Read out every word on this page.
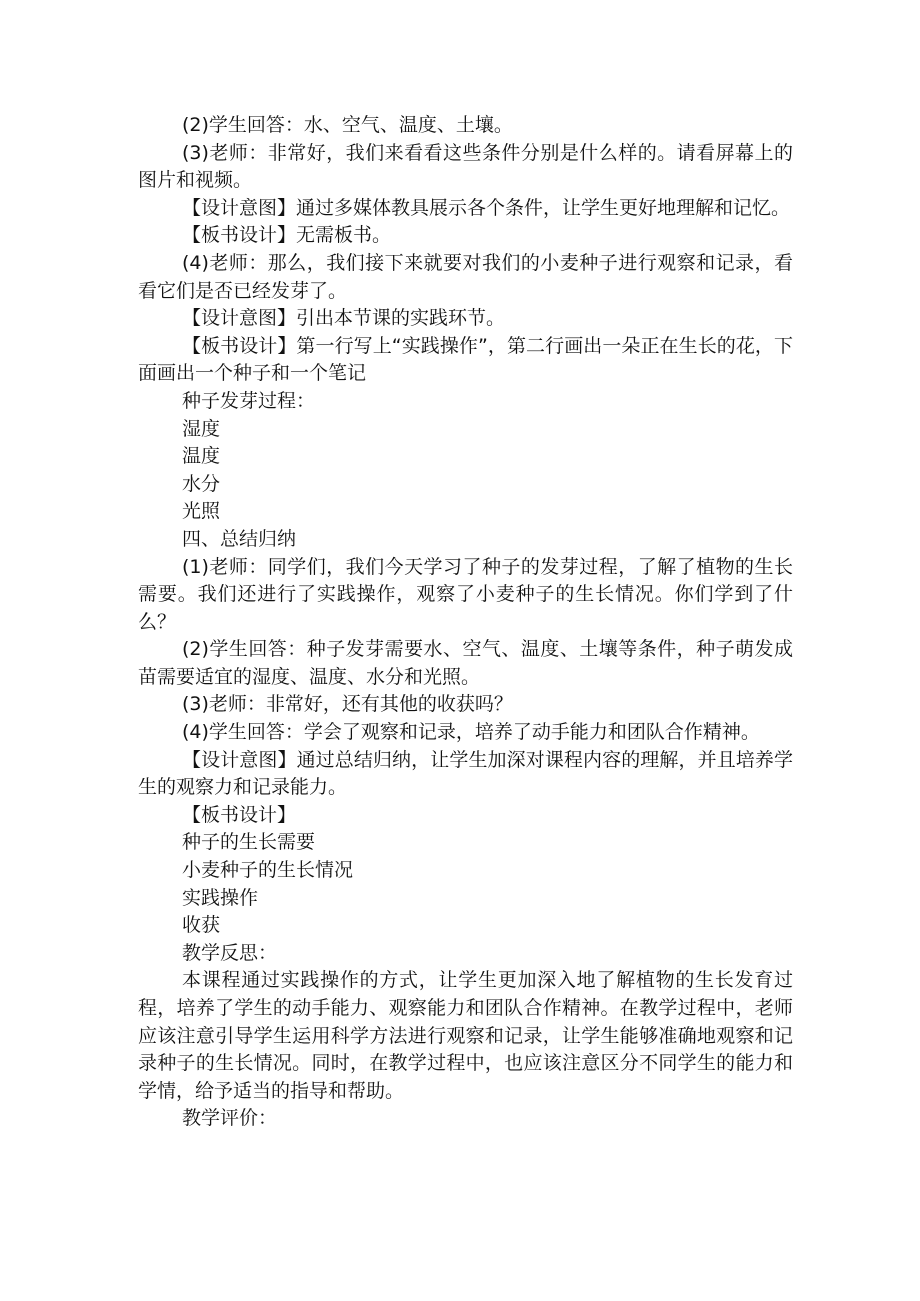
(2)学生回答：水、空气、温度、土壤。

(3)老师：非常好，我们来看看这些条件分别是什么样的。请看屏幕上的图片和视频。

【设计意图】通过多媒体教具展示各个条件，让学生更好地理解和记忆。

【板书设计】无需板书。

(4)老师：那么，我们接下来就要对我们的小麦种子进行观察和记录，看看它们是否已经发芽了。

【设计意图】引出本节课的实践环节。

【板书设计】第一行写上“实践操作”，第二行画出一朵正在生长的花，下面画出一个种子和一个笔记

种子发芽过程：

湿度

温度

水分

光照

四、总结归纳

(1)老师：同学们，我们今天学习了种子的发芽过程，了解了植物的生长需要。我们还进行了实践操作，观察了小麦种子的生长情况。你们学到了什么？

(2)学生回答：种子发芽需要水、空气、温度、土壤等条件，种子萌发成苗需要适宜的湿度、温度、水分和光照。

(3)老师：非常好，还有其他的收获吗？

(4)学生回答：学会了观察和记录，培养了动手能力和团队合作精神。

【设计意图】通过总结归纳，让学生加深对课程内容的理解，并且培养学生的观察力和记录能力。

【板书设计】

种子的生长需要

小麦种子的生长情况

实践操作

收获

教学反思：

本课程通过实践操作的方式，让学生更加深入地了解植物的生长发育过程，培养了学生的动手能力、观察能力和团队合作精神。在教学过程中，老师应该注意引导学生运用科学方法进行观察和记录，让学生能够准确地观察和记录种子的生长情况。同时，在教学过程中，也应该注意区分不同学生的能力和学情，给予适当的指导和帮助。

教学评价：
